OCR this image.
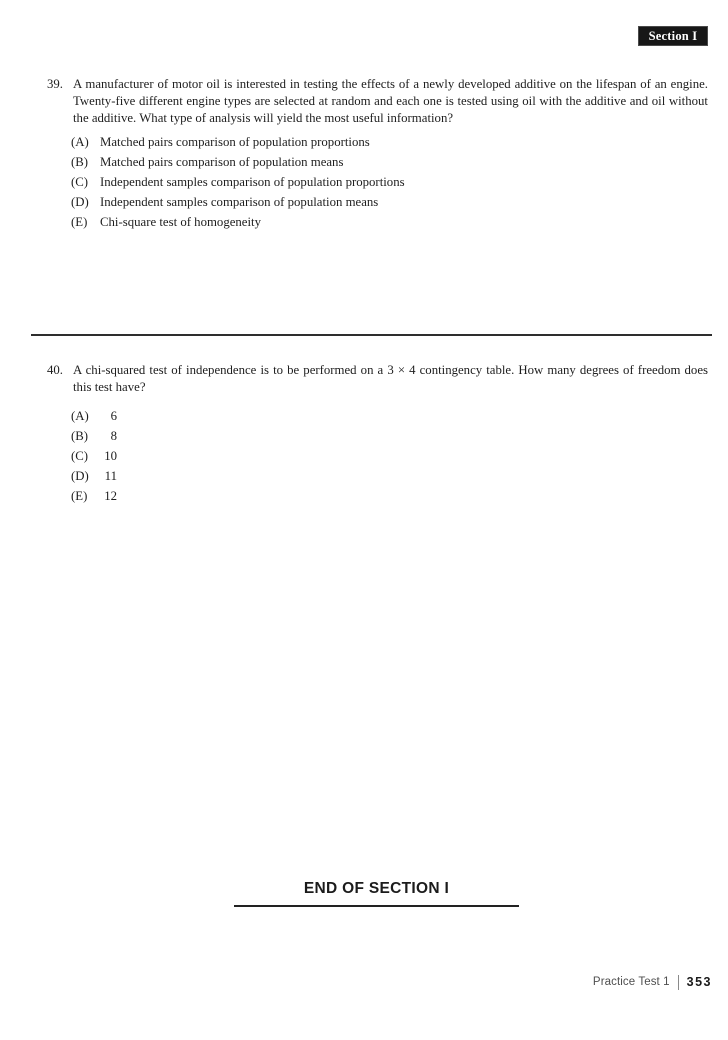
Section I
39. A manufacturer of motor oil is interested in testing the effects of a newly developed additive on the lifespan of an engine. Twenty-five different engine types are selected at random and each one is tested using oil with the additive and oil without the additive. What type of analysis will yield the most useful information?
(A) Matched pairs comparison of population proportions
(B) Matched pairs comparison of population means
(C) Independent samples comparison of population proportions
(D) Independent samples comparison of population means
(E) Chi-square test of homogeneity
40. A chi-squared test of independence is to be performed on a 3 × 4 contingency table. How many degrees of freedom does this test have?
(A)	6
(B)	8
(C)	10
(D)	11
(E)	12
END OF SECTION I
Practice Test 1 353
